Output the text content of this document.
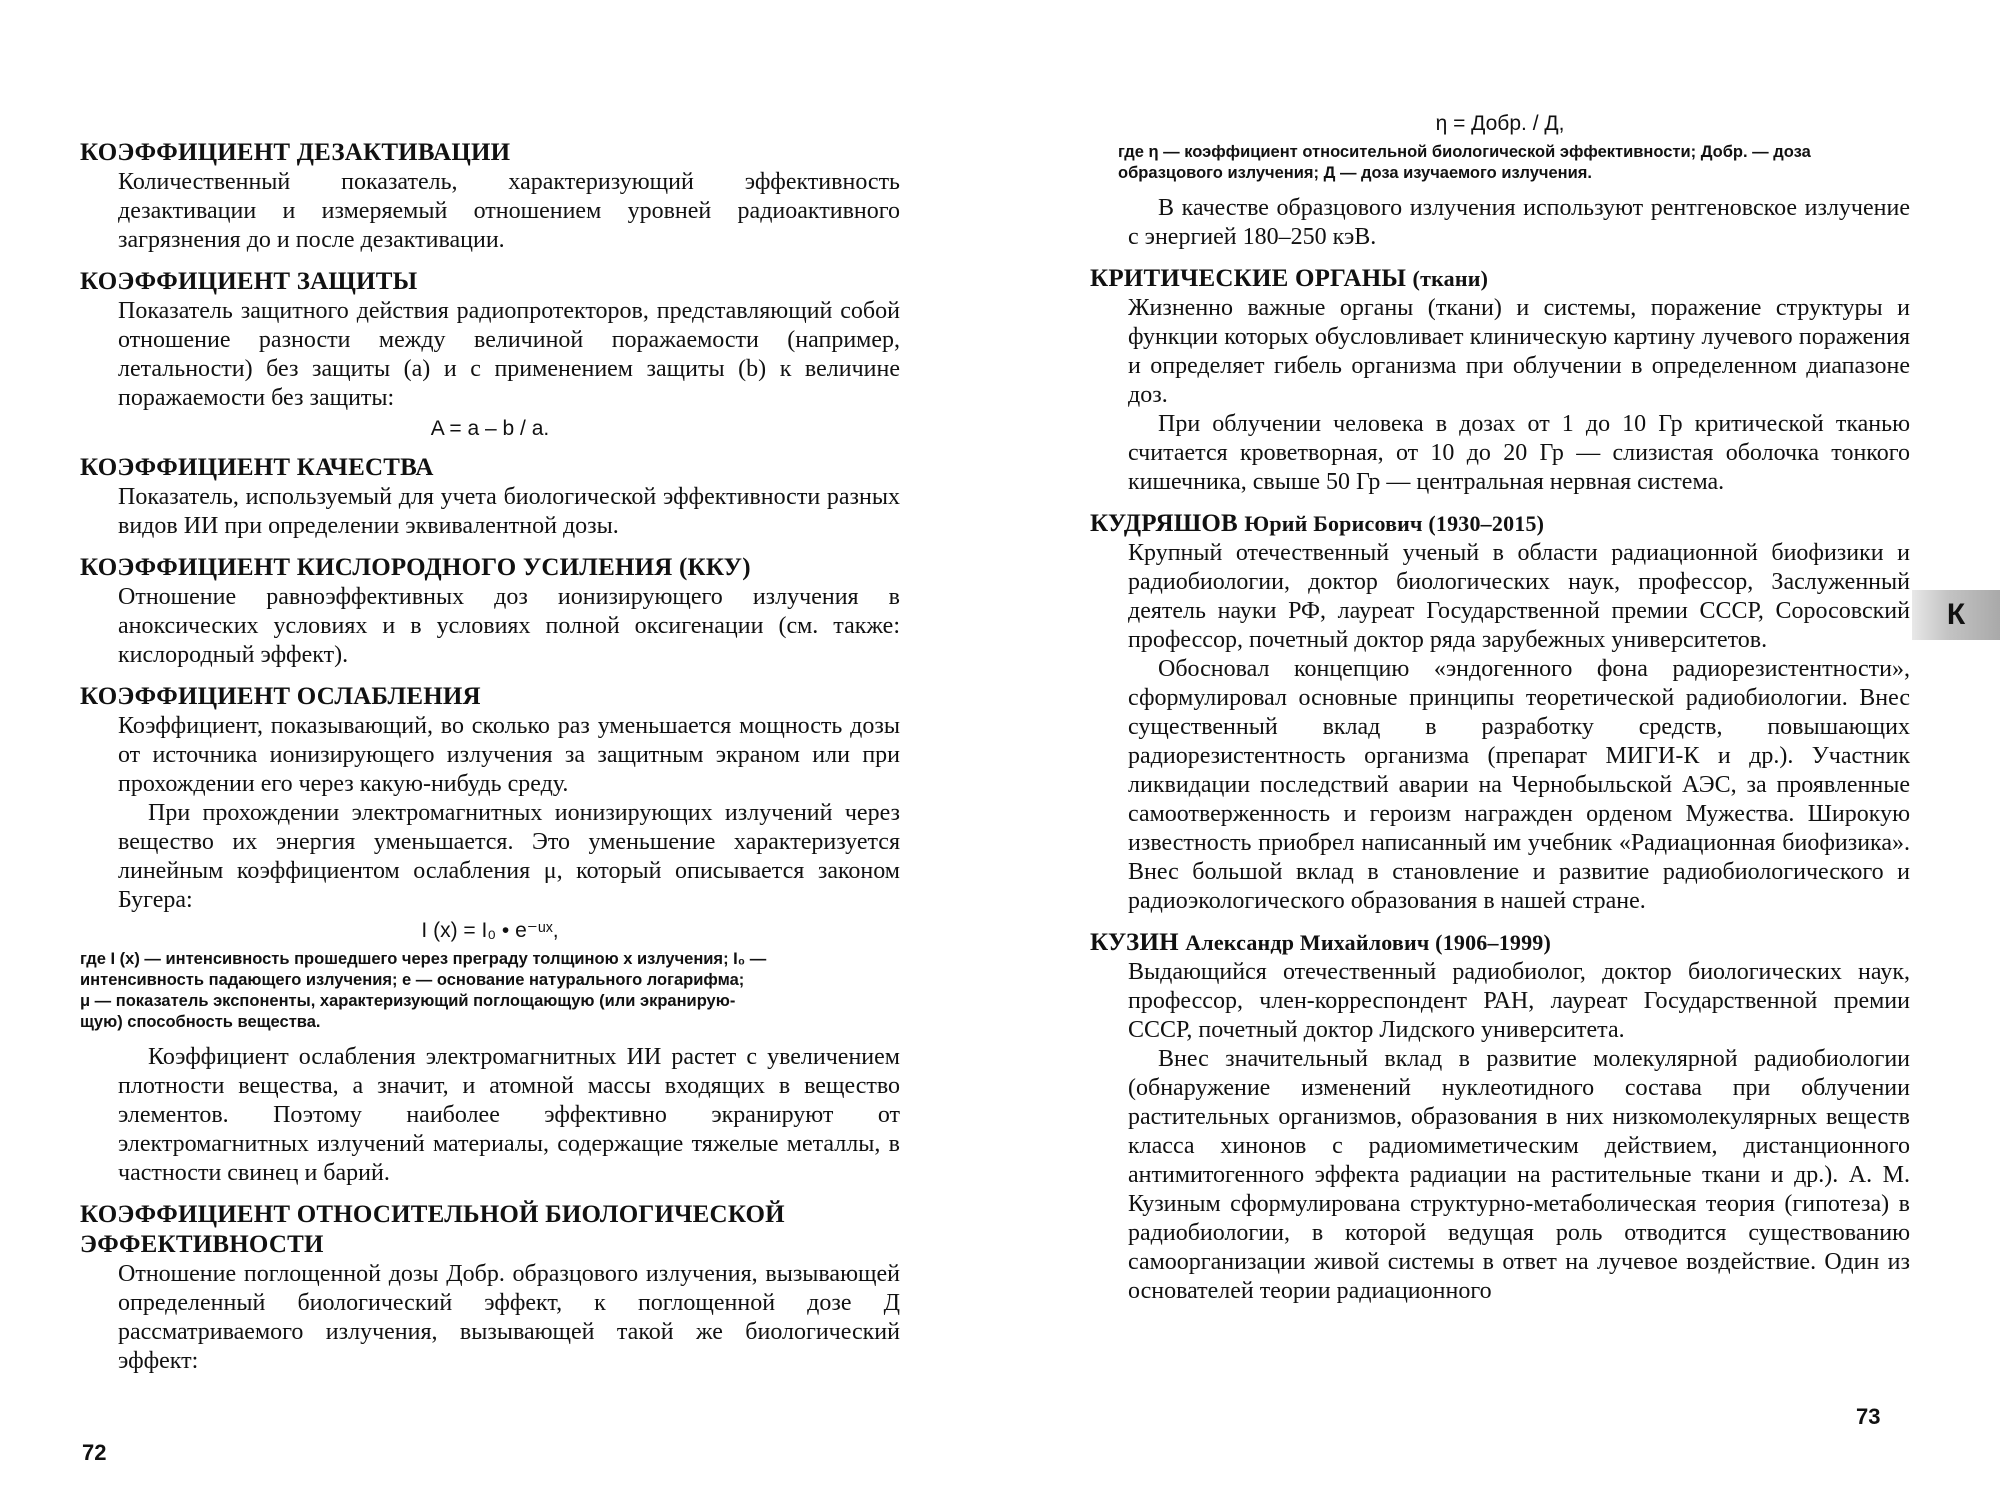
КОЭФФИЦИЕНТ ДЕЗАКТИВАЦИИ

Количественный показатель, характеризующий эффективность дезактивации и измеряемый отношением уровней радиоактивного загрязнения до и после дезактивации.

КОЭФФИЦИЕНТ ЗАЩИТЫ

Показатель защитного действия радиопротекторов, представляющий собой отношение разности между величиной поражаемости (например, летальности) без защиты (a) и с применением защиты (b) к величине поражаемости без защиты:

A = a – b / a.

КОЭФФИЦИЕНТ КАЧЕСТВА

Показатель, используемый для учета биологической эффективности разных видов ИИ при определении эквивалентной дозы.

КОЭФФИЦИЕНТ КИСЛОРОДНОГО УСИЛЕНИЯ (ККУ)

Отношение равноэффективных доз ионизирующего излучения в аноксических условиях и в условиях полной оксигенации (см. также: кислородный эффект).

КОЭФФИЦИЕНТ ОСЛАБЛЕНИЯ

Коэффициент, показывающий, во сколько раз уменьшается мощность дозы от источника ионизирующего излучения за защитным экраном или при прохождении его через какую-нибудь среду.

При прохождении электромагнитных ионизирующих излучений через вещество их энергия уменьшается. Это уменьшение характеризуется линейным коэффициентом ослабления μ, который описывается законом Бугера:

I (x) = I₀ • e⁻ᵘˣ,

где I (x) — интенсивность прошедшего через преграду толщиною x излучения; I₀ —
интенсивность падающего излучения; e — основание натурального логарифма;
μ — показатель экспоненты, характеризующий поглощающую (или экранирую-
щую) способность вещества.

Коэффициент ослабления электромагнитных ИИ растет с увеличением плотности вещества, а значит, и атомной массы входящих в вещество элементов. Поэтому наиболее эффективно экранируют от электромагнитных излучений материалы, содержащие тяжелые металлы, в частности свинец и барий.

КОЭФФИЦИЕНТ ОТНОСИТЕЛЬНОЙ БИОЛОГИЧЕСКОЙ ЭФФЕКТИВНОСТИ

Отношение поглощенной дозы Добр. образцового излучения, вызывающей определенный биологический эффект, к поглощенной дозе Д рассматриваемого излучения, вызывающей такой же биологический эффект:

72

η = Добр. / Д,

где η — коэффициент относительной биологической эффективности; Добр. — доза
образцового излучения; Д — доза изучаемого излучения.

В качестве образцового излучения используют рентгеновское излучение с энергией 180–250 кэВ.

КРИТИЧЕСКИЕ ОРГАНЫ (ткани)

Жизненно важные органы (ткани) и системы, поражение структуры и функции которых обусловливает клиническую картину лучевого поражения и определяет гибель организма при облучении в определенном диапазоне доз.

При облучении человека в дозах от 1 до 10 Гр критической тканью считается кроветворная, от 10 до 20 Гр — слизистая оболочка тонкого кишечника, свыше 50 Гр — центральная нервная система.

КУДРЯШОВ Юрий Борисович (1930–2015)

Крупный отечественный ученый в области радиационной биофизики и радиобиологии, доктор биологических наук, профессор, Заслуженный деятель науки РФ, лауреат Государственной премии СССР, Соросовский профессор, почетный доктор ряда зарубежных университетов.

Обосновал концепцию «эндогенного фона радиорезистентности», сформулировал основные принципы теоретической радиобиологии. Внес существенный вклад в разработку средств, повышающих радиорезистентность организма (препарат МИГИ-К и др.). Участник ликвидации последствий аварии на Чернобыльской АЭС, за проявленные самоотверженность и героизм награжден орденом Мужества. Широкую известность приобрел написанный им учебник «Радиационная биофизика». Внес большой вклад в становление и развитие радиобиологического и радиоэкологического образования в нашей стране.

КУЗИН Александр Михайлович (1906–1999)

Выдающийся отечественный радиобиолог, доктор биологических наук, профессор, член-корреспондент РАН, лауреат Государственной премии СССР, почетный доктор Лидского университета.

Внес значительный вклад в развитие молекулярной радиобиологии (обнаружение изменений нуклеотидного состава при облучении растительных организмов, образования в них низкомолекулярных веществ класса хинонов с радиомиметическим действием, дистанционного антимитогенного эффекта радиации на растительные ткани и др.). А. М. Кузиным сформулирована структурно-метаболическая теория (гипотеза) в радиобиологии, в которой ведущая роль отводится существованию самоорганизации живой системы в ответ на лучевое воздействие. Один из основателей теории радиационного

73
К
